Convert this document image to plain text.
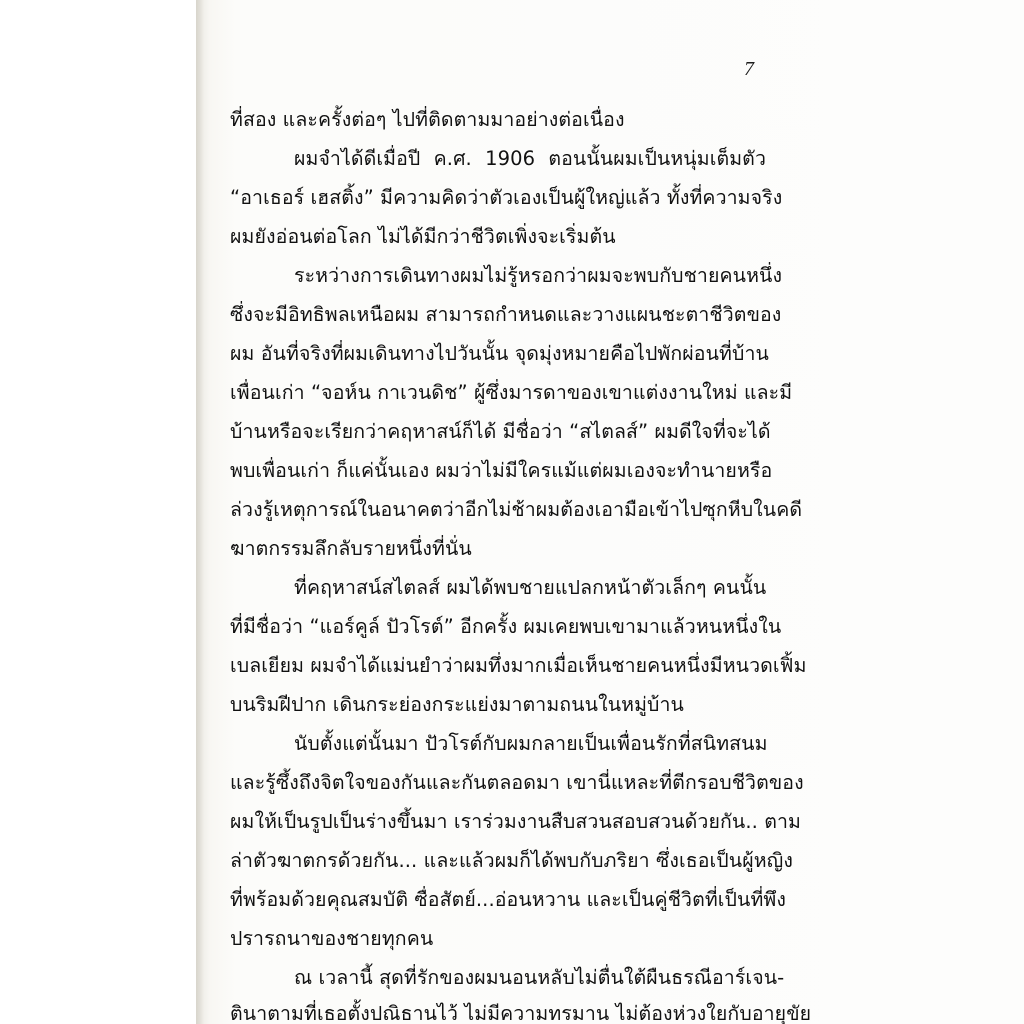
7
ที่สอง และครั้งต่อๆ ไปที่ติดตามมาอย่างต่อเนื่อง
ผมจำได้ดีเมื่อปี ค.ศ. 1906 ตอนนั้นผมเป็นหนุ่มเต็มตัว
“อาเธอร์ เฮสติ้ง” มีความคิดว่าตัวเองเป็นผู้ใหญ่แล้ว ทั้งที่ความจริง
ผมยังอ่อนต่อโลก ไม่ได้มีกว่าชีวิตเพิ่งจะเริ่มต้น
ระหว่างการเดินทางผมไม่รู้หรอกว่าผมจะพบกับชายคนหนึ่ง
ซึ่งจะมีอิทธิพลเหนือผม สามารถกำหนดและวางแผนชะตาชีวิตของ
ผม อันที่จริงที่ผมเดินทางไปวันนั้น จุดมุ่งหมายคือไปพักผ่อนที่บ้าน
เพื่อนเก่า “จอห์น กาเวนดิช” ผู้ซึ่งมารดาของเขาแต่งงานใหม่ และมี
บ้านหรือจะเรียกว่าคฤหาสน์ก็ได้ มีชื่อว่า “สไตลส์” ผมดีใจที่จะได้
พบเพื่อนเก่า ก็แค่นั้นเอง ผมว่าไม่มีใครแม้แต่ผมเองจะทำนายหรือ
ล่วงรู้เหตุการณ์ในอนาคตว่าอีกไม่ช้าผมต้องเอามือเข้าไปซุกหีบในคดี
ฆาตกรรมลึกลับรายหนึ่งที่นั่น
ที่คฤหาสน์สไตลส์ ผมได้พบชายแปลกหน้าตัวเล็กๆ คนนั้น
ที่มีชื่อว่า “แอร์คูล์ ปัวโรต์” อีกครั้ง ผมเคยพบเขามาแล้วหนหนึ่งใน
เบลเยียม ผมจำได้แม่นยำว่าผมทึ่งมากเมื่อเห็นชายคนหนึ่งมีหนวดเฟิ้ม
บนริมฝีปาก เดินกระย่องกระแย่งมาตามถนนในหมู่บ้าน
นับตั้งแต่นั้นมา ปัวโรต์กับผมกลายเป็นเพื่อนรักที่สนิทสนม
และรู้ซึ้งถึงจิตใจของกันและกันตลอดมา เขานี่แหละที่ตีกรอบชีวิตของ
ผมให้เป็นรูปเป็นร่างขึ้นมา เราร่วมงานสืบสวนสอบสวนด้วยกัน.. ตาม
ล่าตัวฆาตกรด้วยกัน... และแล้วผมก็ได้พบกับภริยา ซึ่งเธอเป็นผู้หญิง
ที่พร้อมด้วยคุณสมบัติ ซื่อสัตย์...อ่อนหวาน และเป็นคู่ชีวิตที่เป็นที่พึง
ปรารถนาของชายทุกคน
ณ เวลานี้ สุดที่รักของผมนอนหลับไม่ตื่นใต้ผืนธรณีอาร์เจน-
ตินาตามที่เธอตั้งปณิธานไว้ ไม่มีความทรมาน ไม่ต้องห่วงใยกับอายุขัย
